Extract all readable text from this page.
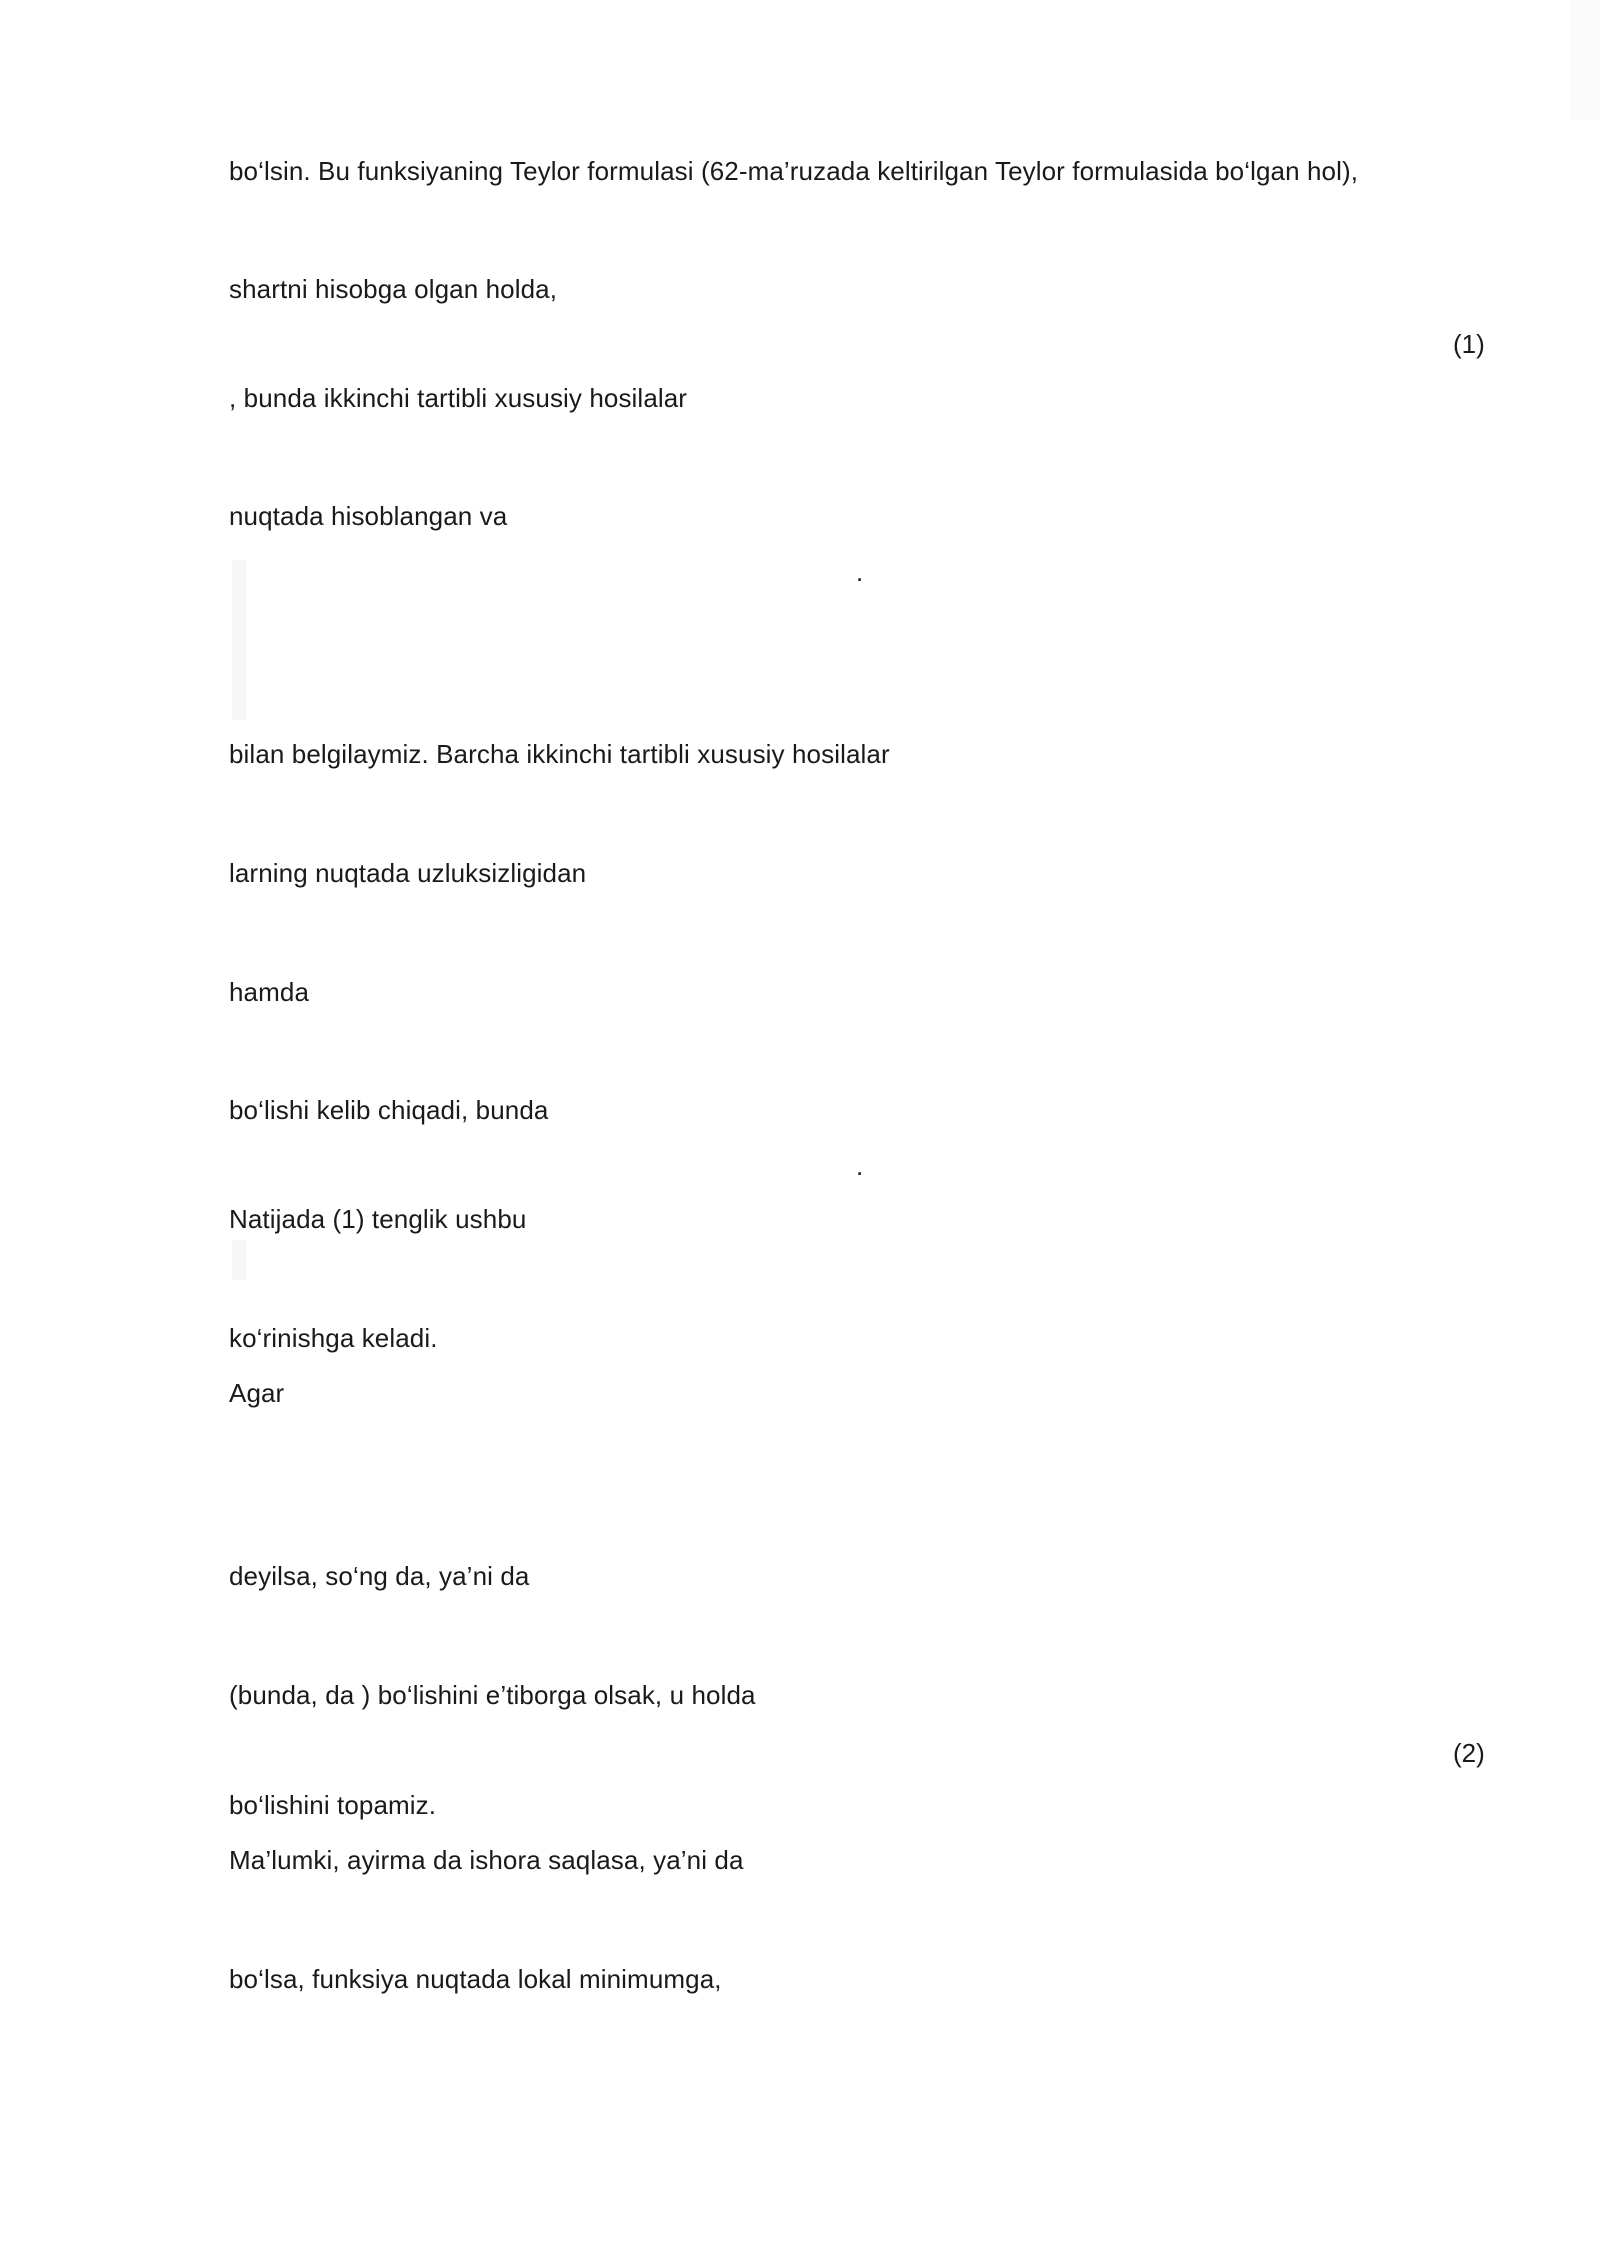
bo‘lsin. Bu funksiyaning Teylor formulasi (62-ma’ruzada keltirilgan Teylor formulasida bo‘lgan hol),
shartni hisobga olgan holda,
(1)
, bunda ikkinchi tartibli xususiy hosilalar
nuqtada hisoblangan va
.
bilan belgilaymiz. Barcha ikkinchi tartibli xususiy hosilalar
larning nuqtada uzluksizligidan
hamda
bo‘lishi kelib chiqadi, bunda
.
Natijada (1) tenglik ushbu
ko‘rinishga keladi.
Agar
deyilsa, so‘ng da, ya’ni da
(bunda, da ) bo‘lishini e’tiborga olsak, u holda
(2)
bo‘lishini topamiz.
Ma’lumki, ayirma da ishora saqlasa, ya’ni da
bo‘lsa, funksiya nuqtada lokal minimumga,
